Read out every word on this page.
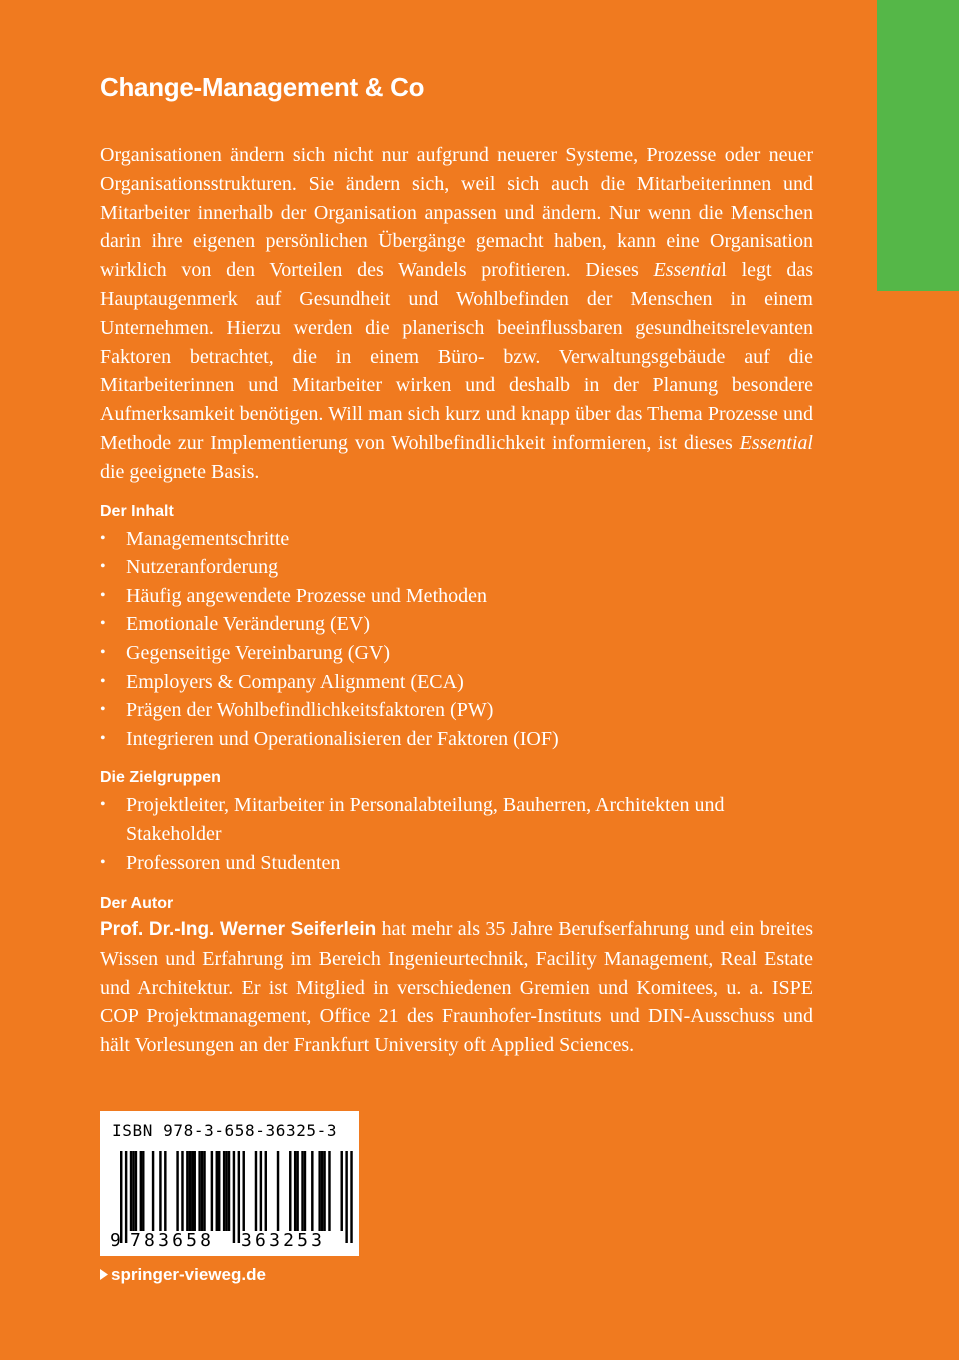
Change-Management & Co

Organisationen ändern sich nicht nur aufgrund neuerer Systeme, Prozesse oder neuer Organisationsstrukturen. Sie ändern sich, weil sich auch die Mitarbeiterinnen und Mitarbeiter innerhalb der Organisation anpassen und ändern. Nur wenn die Menschen darin ihre eigenen persönlichen Übergänge gemacht haben, kann eine Organisation wirklich von den Vorteilen des Wandels profitieren. Dieses Essential legt das Hauptaugenmerk auf Gesundheit und Wohlbefinden der Menschen in einem Unternehmen. Hierzu werden die planerisch beeinflussbaren gesundheitsrelevanten Faktoren betrachtet, die in einem Büro- bzw. Verwaltungsgebäude auf die Mitarbeiterinnen und Mitarbeiter wirken und deshalb in der Planung besondere Aufmerksamkeit benötigen. Will man sich kurz und knapp über das Thema Prozesse und Methode zur Implementierung von Wohlbefindlichkeit informieren, ist dieses Essential die geeignete Basis.

Der Inhalt
• Managementschritte
• Nutzeranforderung
• Häufig angewendete Prozesse und Methoden
• Emotionale Veränderung (EV)
• Gegenseitige Vereinbarung (GV)
• Employers & Company Alignment (ECA)
• Prägen der Wohlbefindlichkeitsfaktoren (PW)
• Integrieren und Operationalisieren der Faktoren (IOF)
Die Zielgruppen
• Projektleiter, Mitarbeiter in Personalabteilung, Bauherren, Architekten und Stakeholder
• Professoren und Studenten
Der Autor

Prof. Dr.-Ing. Werner Seiferlein hat mehr als 35 Jahre Berufserfahrung und ein breites Wissen und Erfahrung im Bereich Ingenieurtechnik, Facility Management, Real Estate und Architektur. Er ist Mitglied in verschiedenen Gremien und Komitees, u. a. ISPE COP Projektmanagement, Office 21 des Fraunhofer-Instituts und DIN-Ausschuss und hält Vorlesungen an der Frankfurt University oft Applied Sciences.

ISBN 978-3-658-36325-3
9 783658 363253
springer-vieweg.de
